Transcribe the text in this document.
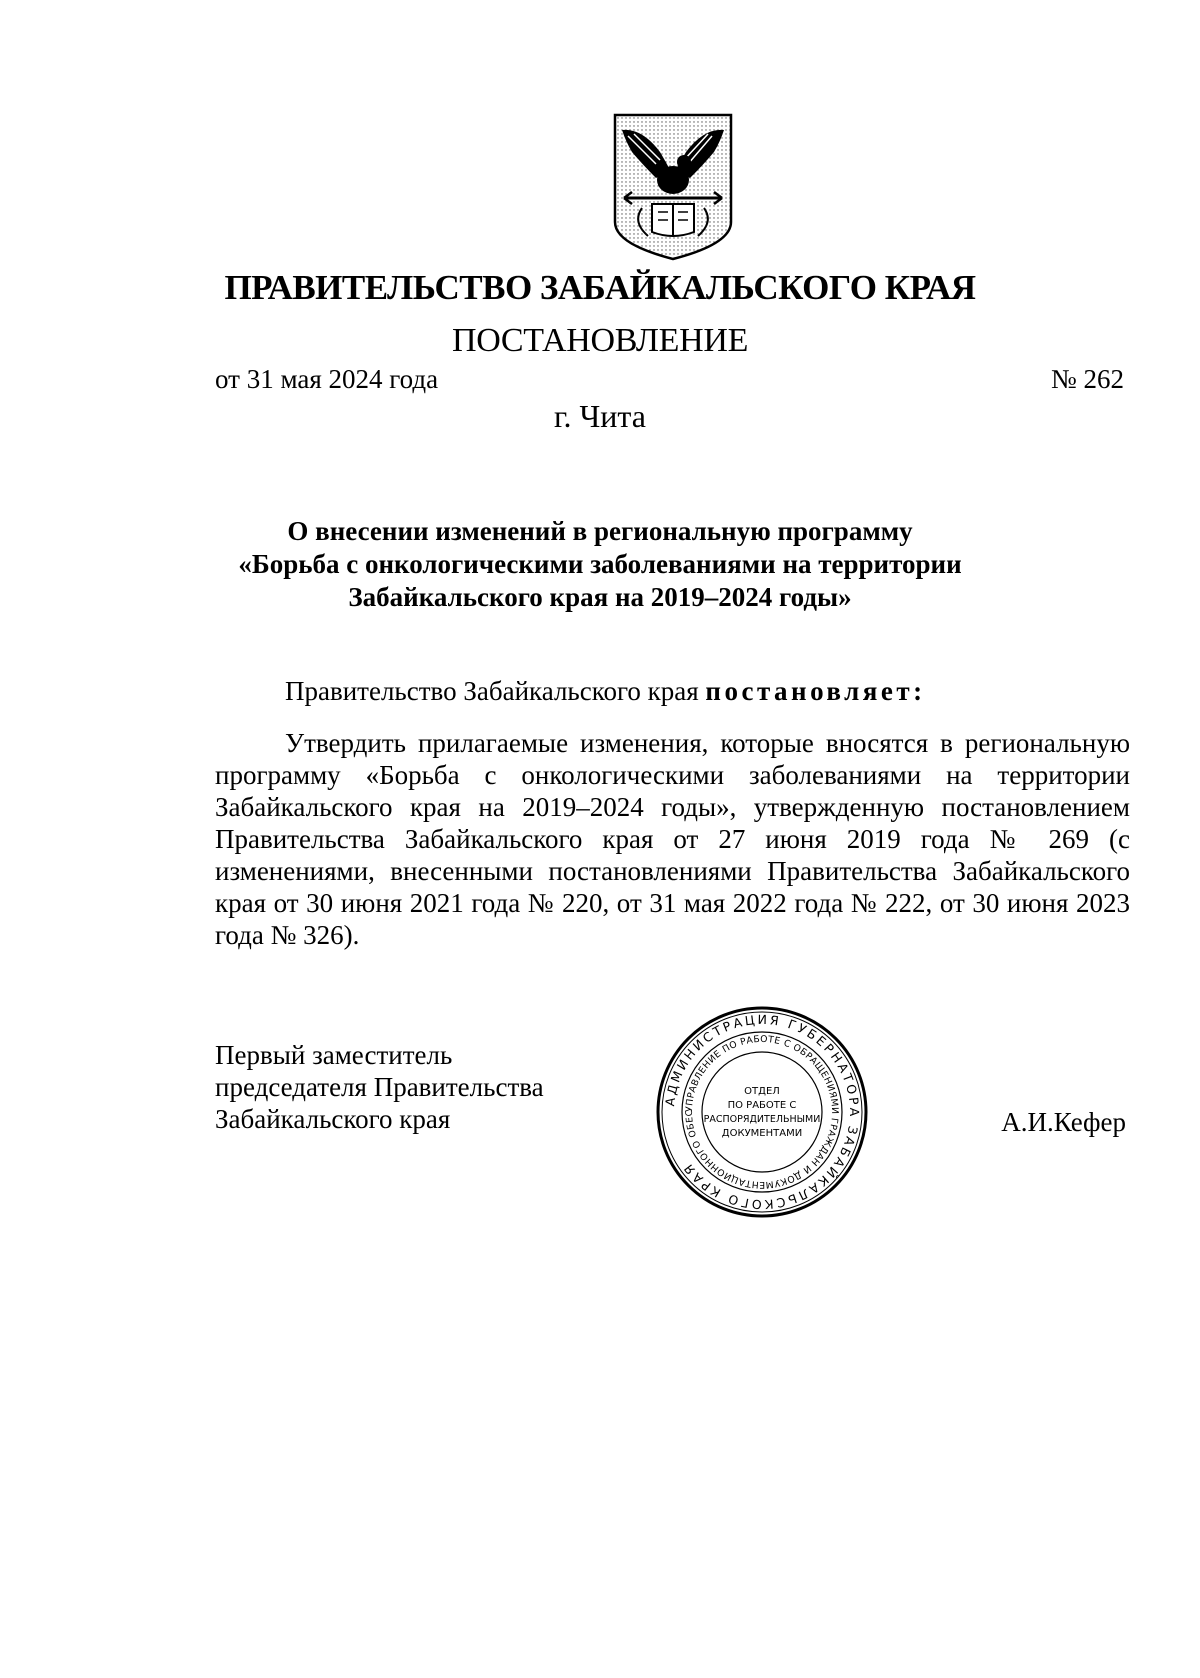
ПРАВИТЕЛЬСТВО ЗАБАЙКАЛЬСКОГО КРАЯ
ПОСТАНОВЛЕНИЕ
от 31 мая 2024 года	№ 262
г. Чита
О внесении изменений в региональную программу
«Борьба с онкологическими заболеваниями на территории
Забайкальского края на 2019–2024 годы»
Правительство Забайкальского края постановляет:
Утвердить прилагаемые изменения, которые вносятся в региональную программу «Борьба с онкологическими заболеваниями на территории Забайкальского края на 2019–2024 годы», утвержденную постановлением Правительства Забайкальского края от 27 июня 2019 года № 269 (с изменениями, внесенными постановлениями Правительства Забайкальского края от 30 июня 2021 года № 220, от 31 мая 2022 года № 222, от 30 июня 2023 года № 326).
Первый заместитель
председателя Правительства
Забайкальского края	А.И.Кефер
АДМИНИСТРАЦИЯ ГУБЕРНАТОРА ЗАБАЙКАЛЬСКОГО КРАЯ
УПРАВЛЕНИЕ ПО РАБОТЕ С ОБРАЩЕНИЯМИ ГРАЖДАН И ДОКУМЕНТАЦИОННОГО ОБЕС
ОТДЕЛ
ПО РАБОТЕ С
РАСПОРЯДИТЕЛЬНЫМИ
ДОКУМЕНТАМИ
